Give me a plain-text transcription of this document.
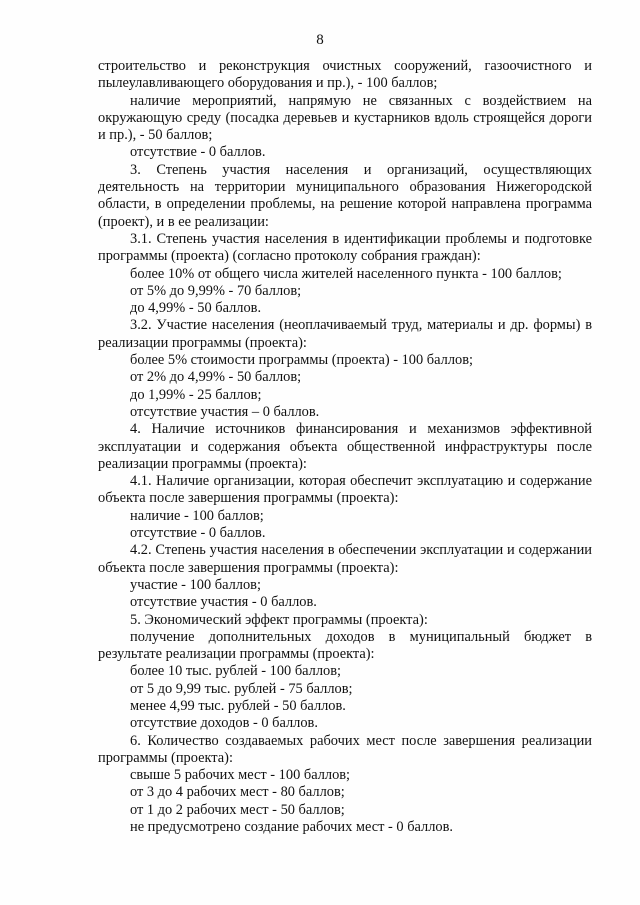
8

строительство и реконструкция очистных сооружений, газоочистного и пылеулавливающего оборудования и пр.), - 100 баллов;

наличие мероприятий, напрямую не связанных с воздействием на окружающую среду (посадка деревьев и кустарников вдоль строящейся дороги и пр.), - 50 баллов;

отсутствие - 0 баллов.

3. Степень участия населения и организаций, осуществляющих деятельность на территории муниципального образования Нижегородской области, в определении проблемы, на решение которой направлена программа (проект), и в ее реализации:

3.1. Степень участия населения в идентификации проблемы и подготовке программы (проекта) (согласно протоколу собрания граждан):

более 10% от общего числа жителей населенного пункта - 100 баллов;

от 5% до 9,99% - 70 баллов;

до 4,99% - 50 баллов.

3.2. Участие населения (неоплачиваемый труд, материалы и др. формы) в реализации программы (проекта):

более 5% стоимости программы (проекта) - 100 баллов;

от 2% до 4,99% - 50 баллов;

до 1,99% - 25 баллов;

отсутствие участия – 0 баллов.

4. Наличие источников финансирования и механизмов эффективной эксплуатации и содержания объекта общественной инфраструктуры после реализации программы (проекта):

4.1. Наличие организации, которая обеспечит эксплуатацию и содержание объекта после завершения программы (проекта):

наличие - 100 баллов;

отсутствие - 0 баллов.

4.2. Степень участия населения в обеспечении эксплуатации и содержании объекта после завершения программы (проекта):

участие - 100 баллов;

отсутствие участия - 0 баллов.

5. Экономический эффект программы (проекта):

получение дополнительных доходов в муниципальный бюджет в результате реализации программы (проекта):

более 10 тыс. рублей - 100 баллов;

от 5 до 9,99 тыс. рублей - 75 баллов;

менее 4,99 тыс. рублей - 50 баллов.

отсутствие доходов - 0 баллов.

6. Количество создаваемых рабочих мест после завершения реализации программы (проекта):

свыше 5 рабочих мест - 100 баллов;

от 3 до 4 рабочих мест - 80 баллов;

от 1 до 2 рабочих мест - 50 баллов;

не предусмотрено создание рабочих мест - 0 баллов.
